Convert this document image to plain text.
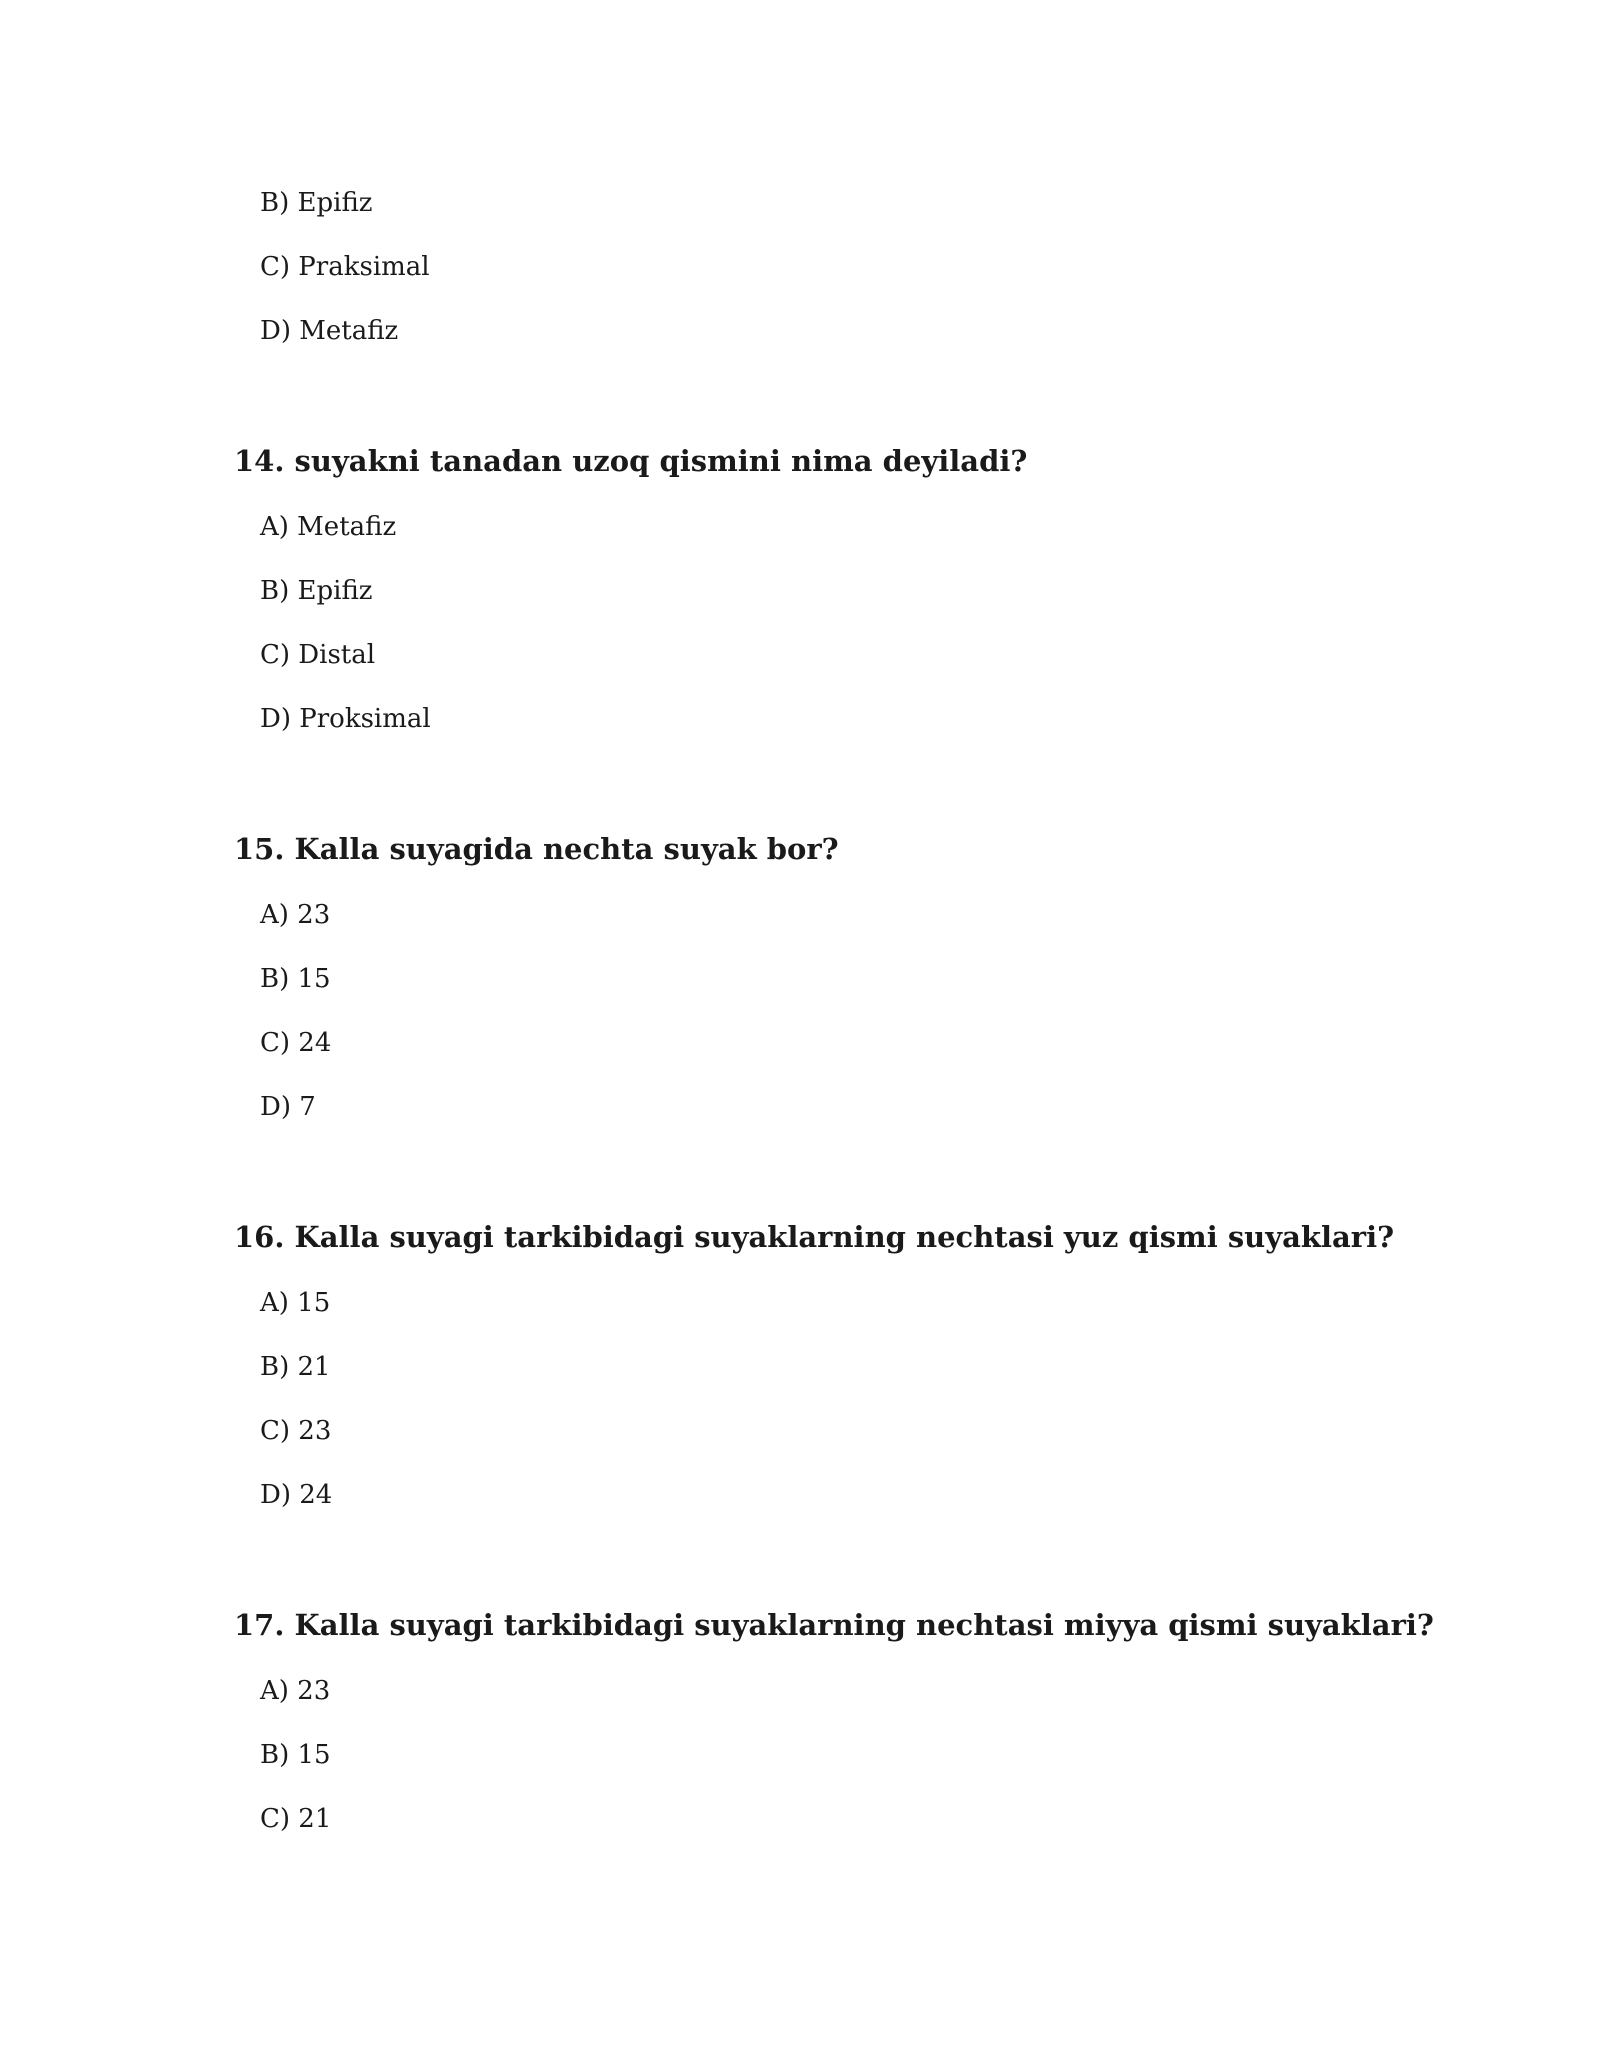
B) Epifiz
C) Praksimal
D) Metafiz
14. suyakni tanadan uzoq qismini nima deyiladi?
A) Metafiz
B) Epifiz
C) Distal
D) Proksimal
15. Kalla suyagida nechta suyak bor?
A) 23
B) 15
C) 24
D) 7
16. Kalla suyagi tarkibidagi suyaklarning nechtasi yuz qismi suyaklari?
A) 15
B) 21
C) 23
D) 24
17. Kalla suyagi tarkibidagi suyaklarning nechtasi miyya qismi suyaklari?
A) 23
B) 15
C) 21
